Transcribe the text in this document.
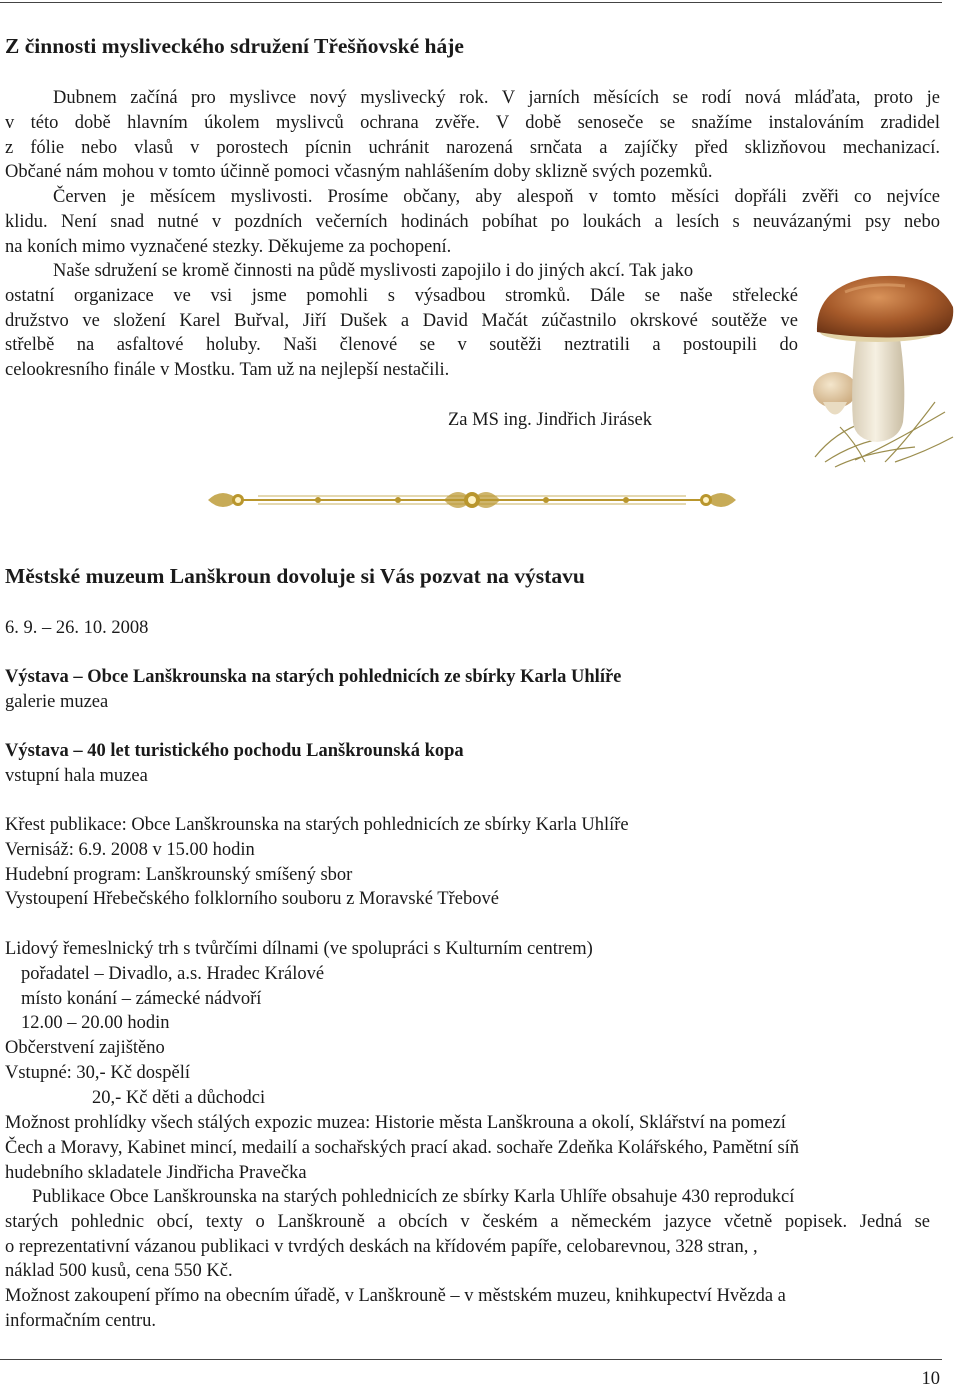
Z činnosti mysliveckého sdružení Třešňovské háje
Dubnem začíná pro myslivce nový myslivecký rok. V jarních měsících se rodí nová mláďata, proto je
v této době hlavním úkolem myslivců ochrana zvěře. V době senoseče se snažíme instalováním zradidel
z fólie nebo vlasů v porostech pícnin uchránit narozená srnčata a zajíčky před sklizňovou mechanizací.
Občané nám mohou v tomto účinně pomoci včasným nahlášením doby sklizně svých pozemků.
Červen je měsícem myslivosti. Prosíme občany, aby alespoň v tomto měsíci dopřáli zvěři co nejvíce
klidu. Není snad nutné v pozdních večerních hodinách pobíhat po loukách a lesích s neuvázanými psy nebo
na koních mimo vyznačené stezky. Děkujeme za pochopení.
Naše sdružení se kromě činnosti na půdě myslivosti zapojilo i do jiných akcí. Tak jako
ostatní organizace ve vsi jsme pomohli s výsadbou stromků. Dále se naše střelecké
družstvo ve složení Karel Buřval, Jiří Dušek a David Mačát zúčastnilo okrskové soutěže ve
střelbě na asfaltové holuby. Naši členové se v soutěži neztratili a postoupili do
celookresního finále v Mostku. Tam už na nejlepší nestačili.
Za MS ing. Jindřich Jirásek
Městské muzeum Lanškroun dovoluje si Vás pozvat na výstavu
6. 9. – 26. 10. 2008
Výstava – Obce Lanškrounska na starých pohlednicích ze sbírky Karla Uhlíře
galerie muzea
Výstava – 40 let turistického pochodu Lanškrounská kopa
vstupní hala muzea
Křest publikace: Obce Lanškrounska na starých pohlednicích ze sbírky Karla Uhlíře
Vernisáž: 6.9. 2008 v 15.00 hodin
Hudební program: Lanškrounský smíšený sbor
Vystoupení Hřebečského folklorního souboru z Moravské Třebové
Lidový řemeslnický trh s tvůrčími dílnami (ve spolupráci s Kulturním centrem)
pořadatel – Divadlo, a.s. Hradec Králové
místo konání – zámecké nádvoří
12.00 – 20.00 hodin
Občerstvení zajištěno
Vstupné: 30,- Kč dospělí
20,- Kč děti a důchodci
Možnost prohlídky všech stálých expozic muzea: Historie města Lanškrouna a okolí, Sklářství na pomezí
Čech a Moravy, Kabinet mincí, medailí a sochařských prací akad. sochaře Zdeňka Kolářského, Pamětní síň
hudebního skladatele Jindřicha Pravečka
Publikace Obce Lanškrounska na starých pohlednicích ze sbírky Karla Uhlíře obsahuje 430 reprodukcí
starých pohlednic obcí, texty o Lanškrouně a obcích v českém a německém jazyce včetně popisek. Jedná se
o reprezentativní vázanou publikaci v tvrdých deskách na křídovém papíře, celobarevnou, 328 stran, ,
náklad 500 kusů, cena 550 Kč.
Možnost zakoupení přímo na obecním úřadě, v Lanškrouně – v městském muzeu, knihkupectví Hvězda a
informačním centru.
10
